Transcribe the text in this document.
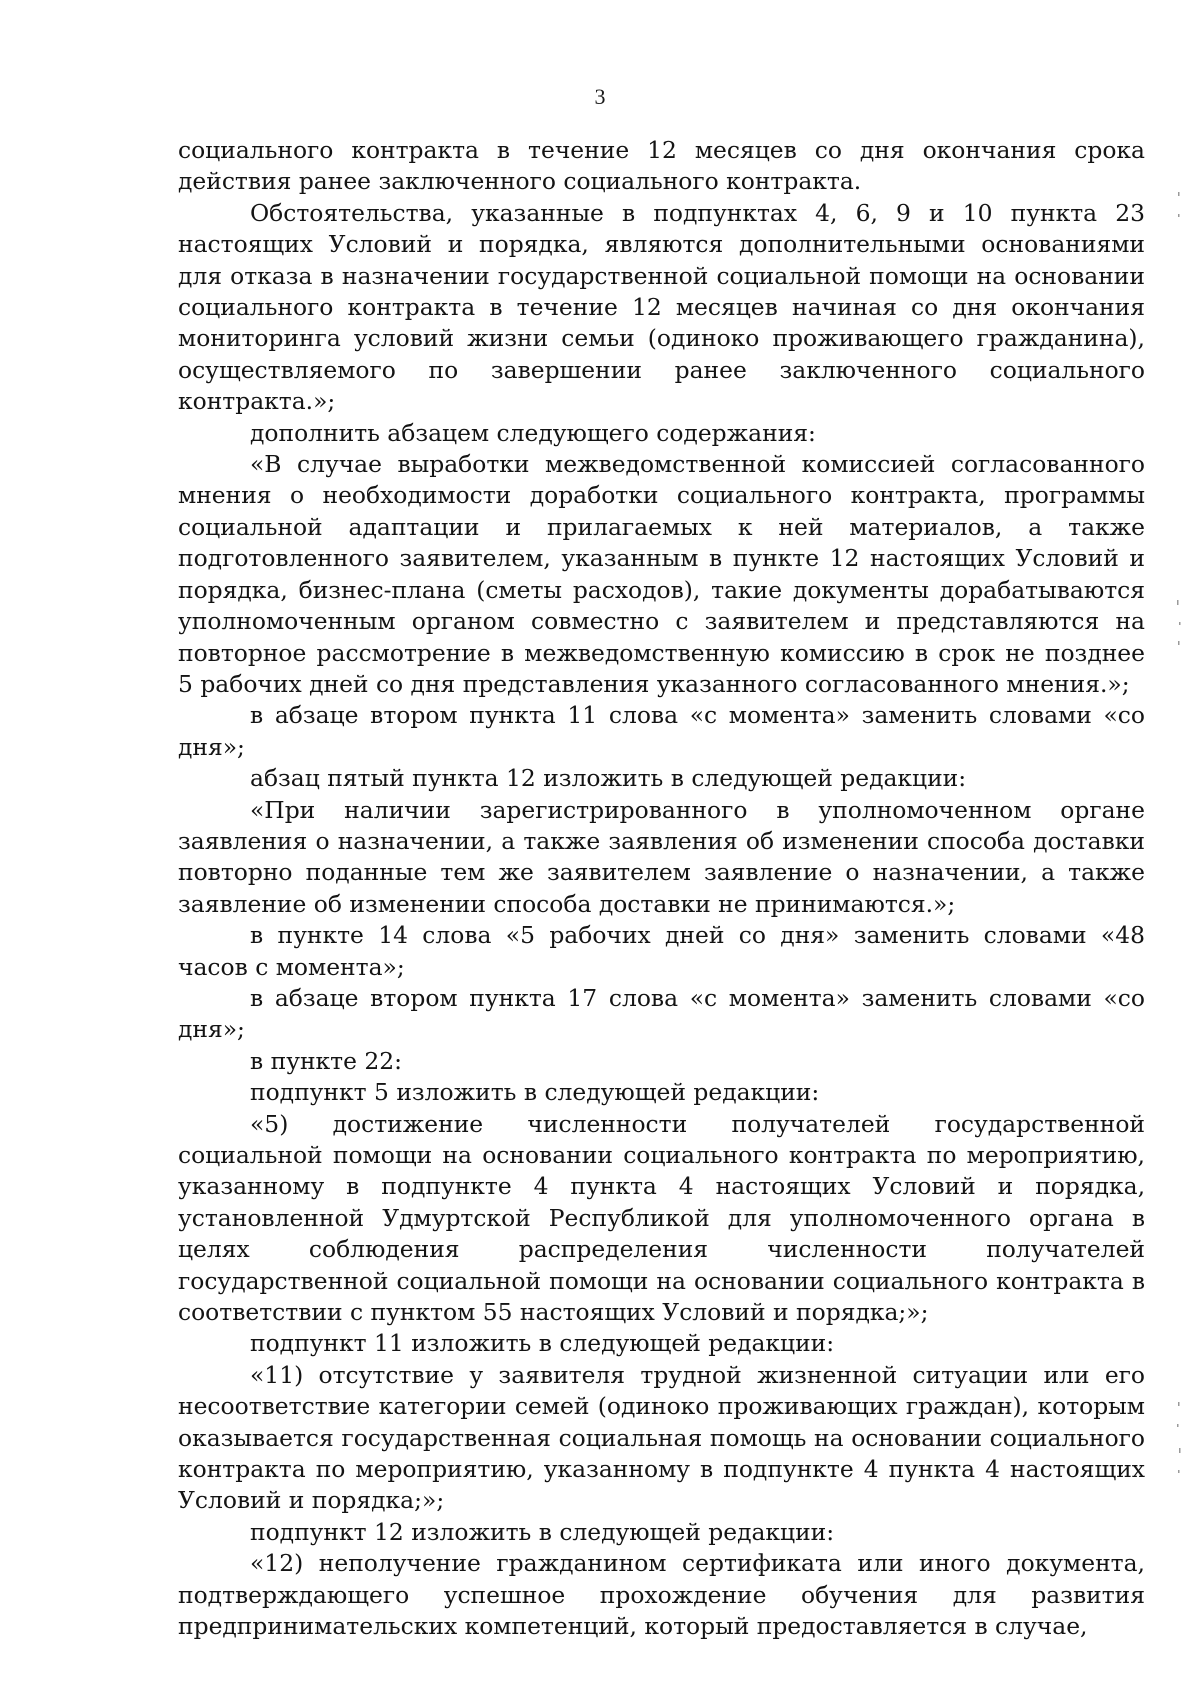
3

социального контракта в течение 12 месяцев со дня окончания срока действия ранее заключенного социального контракта.

Обстоятельства, указанные в подпунктах 4, 6, 9 и 10 пункта 23 настоящих Условий и порядка, являются дополнительными основаниями для отказа в назначении государственной социальной помощи на основании социального контракта в течение 12 месяцев начиная со дня окончания мониторинга условий жизни семьи (одиноко проживающего гражданина), осуществляемого по завершении ранее заключенного социального контракта.»;

дополнить абзацем следующего содержания:

«В случае выработки межведомственной комиссией согласованного мнения о необходимости доработки социального контракта, программы социальной адаптации и прилагаемых к ней материалов, а также подготовленного заявителем, указанным в пункте 12 настоящих Условий и порядка, бизнес-плана (сметы расходов), такие документы дорабатываются уполномоченным органом совместно с заявителем и представляются на повторное рассмотрение в межведомственную комиссию в срок не позднее 5 рабочих дней со дня представления указанного согласованного мнения.»;

в абзаце втором пункта 11 слова «с момента» заменить словами «со дня»;

абзац пятый пункта 12 изложить в следующей редакции:

«При наличии зарегистрированного в уполномоченном органе заявления о назначении, а также заявления об изменении способа доставки повторно поданные тем же заявителем заявление о назначении, а также заявление об изменении способа доставки не принимаются.»;

в пункте 14 слова «5 рабочих дней со дня» заменить словами «48 часов с момента»;

в абзаце втором пункта 17 слова «с момента» заменить словами «со дня»;

в пункте 22:

подпункт 5 изложить в следующей редакции:

«5) достижение численности получателей государственной социальной помощи на основании социального контракта по мероприятию, указанному в подпункте 4 пункта 4 настоящих Условий и порядка, установленной Удмуртской Республикой для уполномоченного органа в целях соблюдения распределения численности получателей государственной социальной помощи на основании социального контракта в соответствии с пунктом 55 настоящих Условий и порядка;»;

подпункт 11 изложить в следующей редакции:

«11) отсутствие у заявителя трудной жизненной ситуации или его несоответствие категории семей (одиноко проживающих граждан), которым оказывается государственная социальная помощь на основании социального контракта по мероприятию, указанному в подпункте 4 пункта 4 настоящих Условий и порядка;»;

подпункт 12 изложить в следующей редакции:

«12) неполучение гражданином сертификата или иного документа, подтверждающего успешное прохождение обучения для развития предпринимательских компетенций, который предоставляется в случае,
